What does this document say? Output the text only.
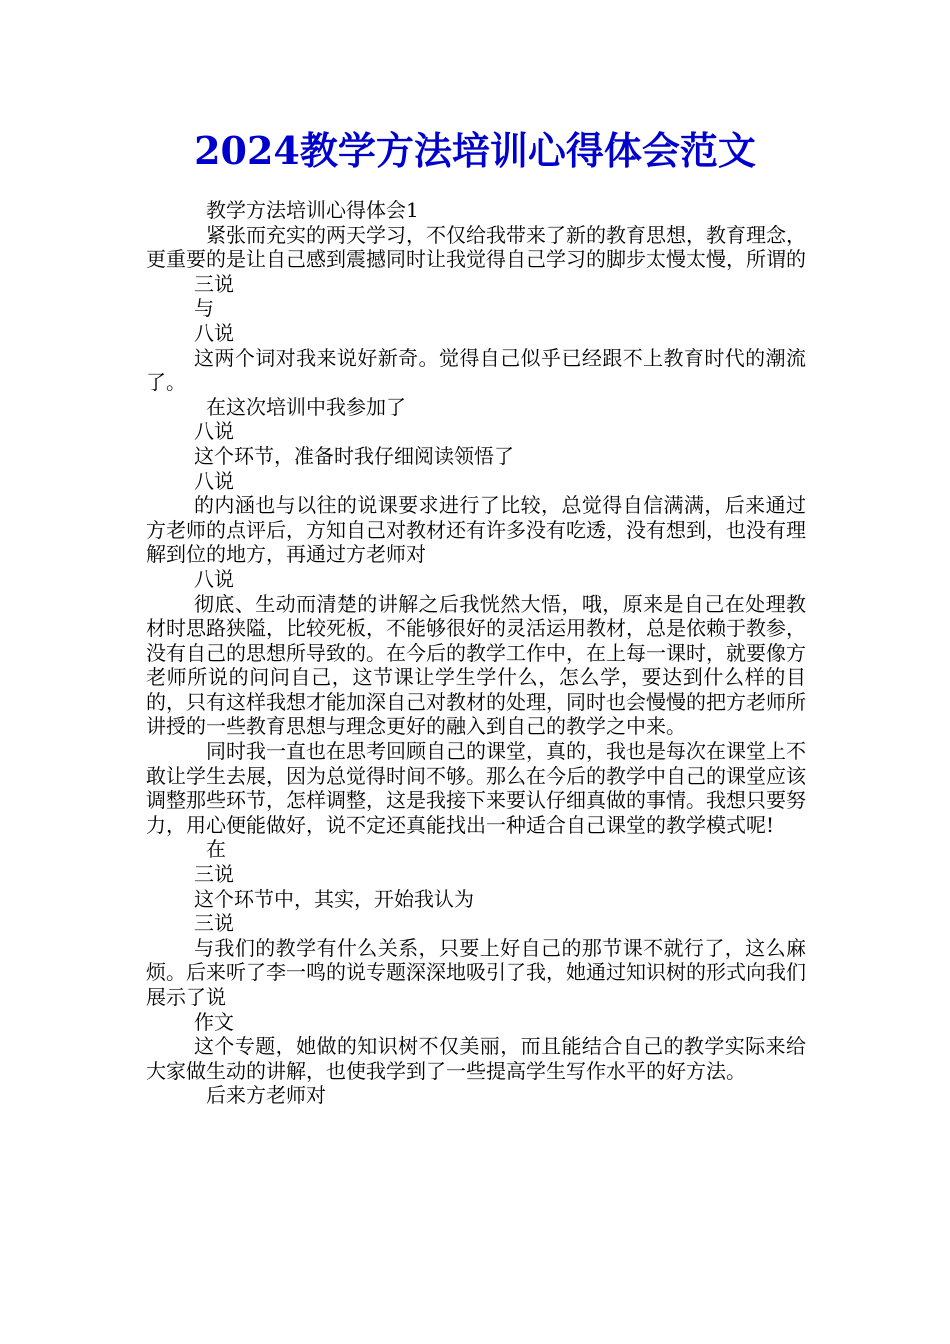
2024教学方法培训心得体会范文

教学方法培训心得体会1

紧张而充实的两天学习，不仅给我带来了新的教育思想，教育理念，更重要的是让自己感到震撼同时让我觉得自己学习的脚步太慢太慢，所谓的

三说

与

八说

这两个词对我来说好新奇。觉得自己似乎已经跟不上教育时代的潮流了。

在这次培训中我参加了

八说

这个环节，准备时我仔细阅读领悟了

八说

的内涵也与以往的说课要求进行了比较，总觉得自信满满，后来通过方老师的点评后，方知自己对教材还有许多没有吃透，没有想到，也没有理解到位的地方，再通过方老师对

八说

彻底、生动而清楚的讲解之后我恍然大悟，哦，原来是自己在处理教材时思路狭隘，比较死板，不能够很好的灵活运用教材，总是依赖于教参，没有自己的思想所导致的。在今后的教学工作中，在上每一课时，就要像方老师所说的问问自己，这节课让学生学什么，怎么学，要达到什么样的目的，只有这样我想才能加深自己对教材的处理，同时也会慢慢的把方老师所讲授的一些教育思想与理念更好的融入到自己的教学之中来。

同时我一直也在思考回顾自己的课堂，真的，我也是每次在课堂上不敢让学生去展，因为总觉得时间不够。那么在今后的教学中自己的课堂应该调整那些环节，怎样调整，这是我接下来要认仔细真做的事情。我想只要努力，用心便能做好，说不定还真能找出一种适合自己课堂的教学模式呢!

在

三说

这个环节中，其实，开始我认为

三说

与我们的教学有什么关系，只要上好自己的那节课不就行了，这么麻烦。后来听了李一鸣的说专题深深地吸引了我，她通过知识树的形式向我们展示了说

作文

这个专题，她做的知识树不仅美丽，而且能结合自己的教学实际来给大家做生动的讲解，也使我学到了一些提高学生写作水平的好方法。

后来方老师对
